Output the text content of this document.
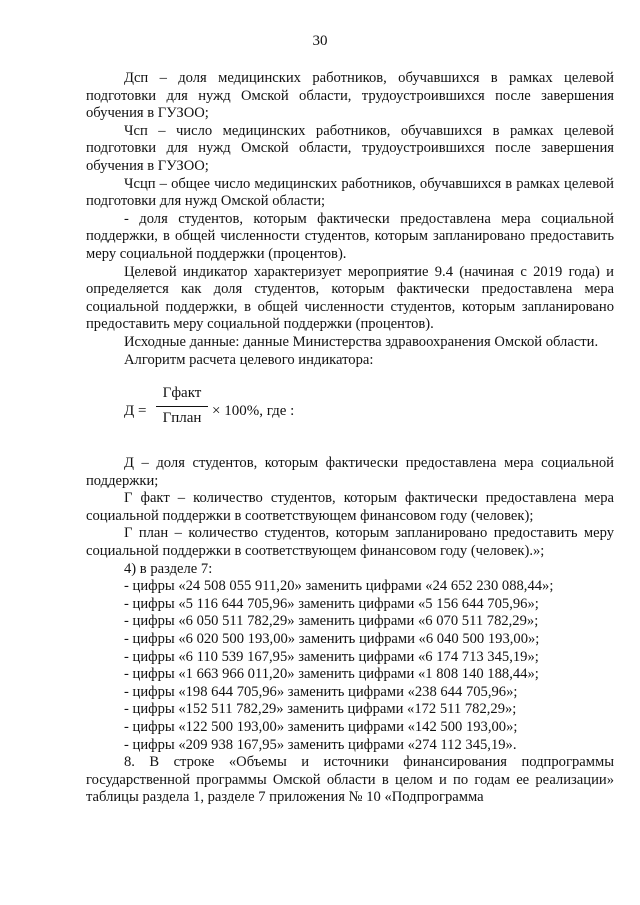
30

Дсп – доля медицинских работников, обучавшихся в рамках целевой подготовки для нужд Омской области, трудоустроившихся после завершения обучения в ГУЗОО;

Чсп – число медицинских работников, обучавшихся в рамках целевой подготовки для нужд Омской области, трудоустроившихся после завершения обучения в ГУЗОО;

Чсцп – общее число медицинских работников, обучавшихся в рамках целевой подготовки для нужд Омской области;

- доля студентов, которым фактически предоставлена мера социальной поддержки, в общей численности студентов, которым запланировано предоставить меру социальной поддержки (процентов).

Целевой индикатор характеризует мероприятие 9.4 (начиная с 2019 года) и определяется как доля студентов, которым фактически предоставлена мера социальной поддержки, в общей численности студентов, которым запланировано предоставить меру социальной поддержки (процентов).

Исходные данные: данные Министерства здравоохранения Омской области.

Алгоритм расчета целевого индикатора:

Д =
Гфакт
Гплан × 100%, где :

Д – доля студентов, которым фактически предоставлена мера социальной поддержки;

Г факт – количество студентов, которым фактически предоставлена мера социальной поддержки в соответствующем финансовом году (человек);

Г план – количество студентов, которым запланировано предоставить меру социальной поддержки в соответствующем финансовом году (человек).»;

4) в разделе 7:

- цифры «24 508 055 911,20» заменить цифрами «24 652 230 088,44»;

- цифры «5 116 644 705,96» заменить цифрами «5 156 644 705,96»;

- цифры «6 050 511 782,29» заменить цифрами «6 070 511 782,29»;

- цифры «6 020 500 193,00» заменить цифрами «6 040 500 193,00»;

- цифры «6 110 539 167,95» заменить цифрами «6 174 713 345,19»;

- цифры «1 663 966 011,20» заменить цифрами «1 808 140 188,44»;

- цифры «198 644 705,96» заменить цифрами «238 644 705,96»;

- цифры «152 511 782,29» заменить цифрами «172 511 782,29»;

- цифры «122 500 193,00» заменить цифрами «142 500 193,00»;

- цифры «209 938 167,95» заменить цифрами «274 112 345,19».

8. В строке «Объемы и источники финансирования подпрограммы государственной программы Омской области в целом и по годам ее реализации» таблицы раздела 1, разделе 7 приложения № 10 «Подпрограмма
